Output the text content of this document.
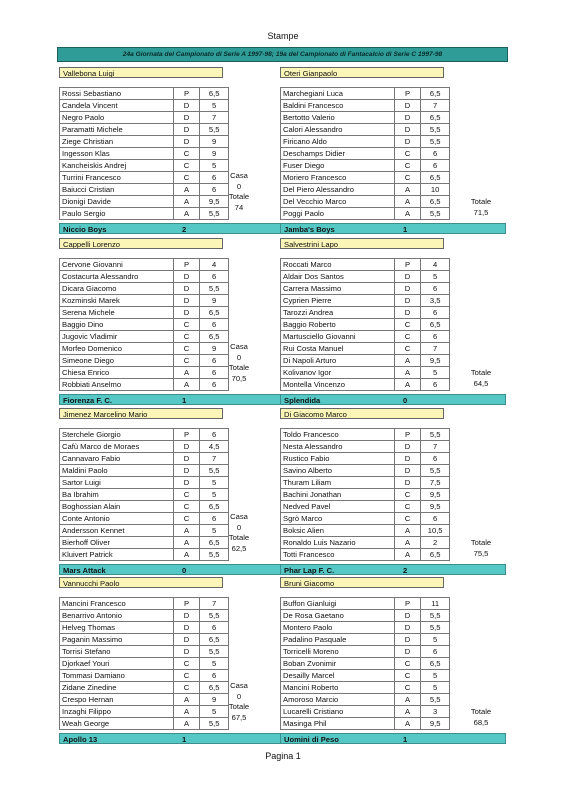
Stampe
24a Giornata del Campionato di Serie A 1997-98; 19a del Campionato di Fantacalcio di Serie C 1997-98
Vallebona Luigi
Rossi Sebastiano	P	6,5
Candela Vincent	D	5
Negro Paolo	D	7
Paramatti Michele	D	5,5
Ziege Christian	D	9
Ingesson Klas	C	9
Kancheiskis Andrej	C	5
Turrini Francesco	C	6
Baiucci Cristian	A	6
Dionigi Davide	A	9,5
Paulo Sergio	A	5,5
Casa
0
Totale
74
Niccio Boys	2
Oteri Gianpaolo
Marchegiani Luca	P	6,5
Baldini Francesco	D	7
Bertotto Valerio	D	6,5
Calori Alessandro	D	5,5
Firicano Aldo	D	5,5
Deschamps Didier	C	6
Fuser Diego	C	6
Moriero Francesco	C	6,5
Del Piero Alessandro	A	10
Del Vecchio Marco	A	6,5
Poggi Paolo	A	5,5
Totale
71,5
Jamba's Boys	1
Cappelli Lorenzo
Cervone Giovanni	P	4
Costacurta Alessandro	D	6
Dicara Giacomo	D	5,5
Kozminski Marek	D	9
Serena Michele	D	6,5
Baggio Dino	C	6
Jugovic Vladimir	C	6,5
Morfeo Domenico	C	9
Simeone Diego	C	6
Chiesa Enrico	A	6
Robbiati Anselmo	A	6
Casa
0
Totale
70,5
Fiorenza F. C.	1
Salvestrini Lapo
Roccati Marco	P	4
Aldair Dos Santos	D	5
Carrera Massimo	D	6
Cyprien Pierre	D	3,5
Tarozzi Andrea	D	6
Baggio Roberto	C	6,5
Martusciello Giovanni	C	6
Rui Costa Manuel	C	7
Di Napoli Arturo	A	9,5
Kolivanov Igor	A	5
Montella Vincenzo	A	6
Totale
64,5
Splendida	0
Jimenez Marcelino Mario
Sterchele Giorgio	P	6
Cafù Marco de Moraes	D	4,5
Cannavaro Fabio	D	7
Maldini Paolo	D	5,5
Sartor Luigi	D	5
Ba Ibrahim	C	5
Boghossian Alain	C	6,5
Conte Antonio	C	6
Andersson Kennet	A	5
Bierhoff Oliver	A	6,5
Kluivert Patrick	A	5,5
Casa
0
Totale
62,5
Mars Attack	0
Di Giacomo Marco
Toldo Francesco	P	5,5
Nesta Alessandro	D	7
Rustico Fabio	D	6
Savino Alberto	D	5,5
Thuram Liliam	D	7,5
Bachini Jonathan	C	9,5
Nedved Pavel	C	9,5
Sgrò Marco	C	6
Boksic Alien	A	10,5
Ronaldo Luis Nazario	A	2
Totti Francesco	A	6,5
Totale
75,5
Phar Lap F. C.	2
Vannucchi Paolo
Mancini Francesco	P	7
Benarrivo Antonio	D	5,5
Helveg Thomas	D	6
Paganin Massimo	D	6,5
Torrisi Stefano	D	5,5
Djorkaef Youri	C	5
Tommasi Damiano	C	6
Zidane Zinedine	C	6,5
Crespo Hernan	A	9
Inzaghi Filippo	A	5
Weah George	A	5,5
Casa
0
Totale
67,5
Apollo 13	1
Bruni Giacomo
Buffon Gianluigi	P	11
De Rosa Gaetano	D	5,5
Montero Paolo	D	5,5
Padalino Pasquale	D	5
Torricelli Moreno	D	6
Boban Zvonimir	C	6,5
Desailly Marcel	C	5
Mancini Roberto	C	5
Amoroso Marcio	A	5,5
Lucarelli Cristiano	A	3
Masinga Phil	A	9,5
Totale
68,5
Uomini di Peso	1
Pagina 1
